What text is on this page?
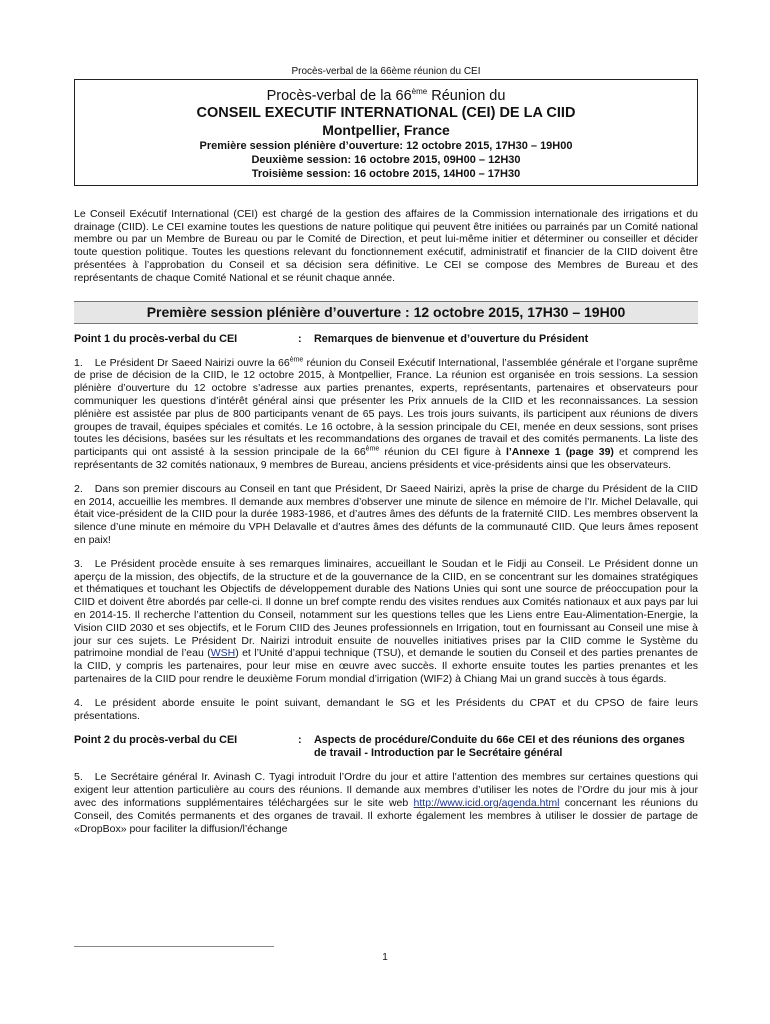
Procès-verbal de la 66ème réunion du CEI
Procès-verbal de la 66ème Réunion du
CONSEIL EXECUTIF INTERNATIONAL (CEI) DE LA CIID
Montpellier, France
Première session plénière d’ouverture: 12 octobre 2015, 17H30 – 19H00
Deuxième session: 16 octobre 2015, 09H00 – 12H30
Troisième session: 16 octobre 2015, 14H00 – 17H30
Le Conseil Exécutif International (CEI) est chargé de la gestion des affaires de la Commission internationale des irrigations et du drainage (CIID). Le CEI examine toutes les questions de nature politique qui peuvent être initiées ou parrainés par un Comité national membre ou par un Membre de Bureau ou par le Comité de Direction, et peut lui-même initier et déterminer ou conseiller et décider toute question politique. Toutes les questions relevant du fonctionnement exécutif, administratif et financier de la CIID doivent être présentées à l’approbation du Conseil et sa décision sera définitive. Le CEI se compose des Membres de Bureau et des représentants de chaque Comité National et se réunit chaque année.
Première session plénière d’ouverture : 12 octobre 2015, 17H30 – 19H00
Point 1 du procès-verbal du CEI	:	Remarques de bienvenue et d’ouverture du Président
1. Le Président Dr Saeed Nairizi ouvre la 66ème réunion du Conseil Exécutif International, l’assemblée générale et l’organe suprême de prise de décision de la CIID, le 12 octobre 2015, à Montpellier, France. La réunion est organisée en trois sessions. La session plénière d’ouverture du 12 octobre s’adresse aux parties prenantes, experts, représentants, partenaires et observateurs pour communiquer les questions d’intérêt général ainsi que présenter les Prix annuels de la CIID et les reconnaissances. La session plénière est assistée par plus de 800 participants venant de 65 pays. Les trois jours suivants, ils participent aux réunions de divers groupes de travail, équipes spéciales et comités. Le 16 octobre, à la session principale du CEI, menée en deux sessions, sont prises toutes les décisions, basées sur les résultats et les recommandations des organes de travail et des comités permanents. La liste des participants qui ont assisté à la session principale de la 66ème réunion du CEI figure à l’Annexe 1 (page 39) et comprend les représentants de 32 comités nationaux, 9 membres de Bureau, anciens présidents et vice-présidents ainsi que les observateurs.
2. Dans son premier discours au Conseil en tant que Président, Dr Saeed Nairizi, après la prise de charge du Président de la CIID en 2014, accueillie les membres. Il demande aux membres d’observer une minute de silence en mémoire de l’Ir. Michel Delavalle, qui était vice-président de la CIID pour la durée 1983-1986, et d’autres âmes des défunts de la fraternité CIID. Les membres observent la silence d’une minute en mémoire du VPH Delavalle et d’autres âmes des défunts de la communauté CIID. Que leurs âmes reposent en paix!
3. Le Président procède ensuite à ses remarques liminaires, accueillant le Soudan et le Fidji au Conseil. Le Président donne un aperçu de la mission, des objectifs, de la structure et de la gouvernance de la CIID, en se concentrant sur les domaines stratégiques et thématiques et touchant les Objectifs de développement durable des Nations Unies qui sont une source de préoccupation pour la CIID et doivent être abordés par celle-ci. Il donne un bref compte rendu des visites rendues aux Comités nationaux et aux pays par lui en 2014-15. Il recherche l’attention du Conseil, notamment sur les questions telles que les Liens entre Eau-Alimentation-Energie, la Vision CIID 2030 et ses objectifs, et le Forum CIID des Jeunes professionnels en Irrigation, tout en fournissant au Conseil une mise à jour sur ces sujets. Le Président Dr. Nairizi introduit ensuite de nouvelles initiatives prises par la CIID comme le Système du patrimoine mondial de l’eau (WSH) et l’Unité d’appui technique (TSU), et demande le soutien du Conseil et des parties prenantes de la CIID, y compris les partenaires, pour leur mise en œuvre avec succès. Il exhorte ensuite toutes les parties prenantes et les partenaires de la CIID pour rendre le deuxième Forum mondial d’irrigation (WIF2) à Chiang Mai un grand succès à tous égards.
4. Le président aborde ensuite le point suivant, demandant le SG et les Présidents du CPAT et du CPSO de faire leurs présentations.
Point 2 du procès-verbal du CEI	:	Aspects de procédure/Conduite du 66e CEI et des réunions des organes de travail - Introduction par le Secrétaire général
5. Le Secrétaire général Ir. Avinash C. Tyagi introduit l’Ordre du jour et attire l’attention des membres sur certaines questions qui exigent leur attention particulière au cours des réunions. Il demande aux membres d’utiliser les notes de l’Ordre du jour mis à jour avec des informations supplémentaires téléchargées sur le site web http://www.icid.org/agenda.html concernant les réunions du Conseil, des Comités permanents et des organes de travail. Il exhorte également les membres à utiliser le dossier de partage de «DropBox» pour faciliter la diffusion/l’échange
1
